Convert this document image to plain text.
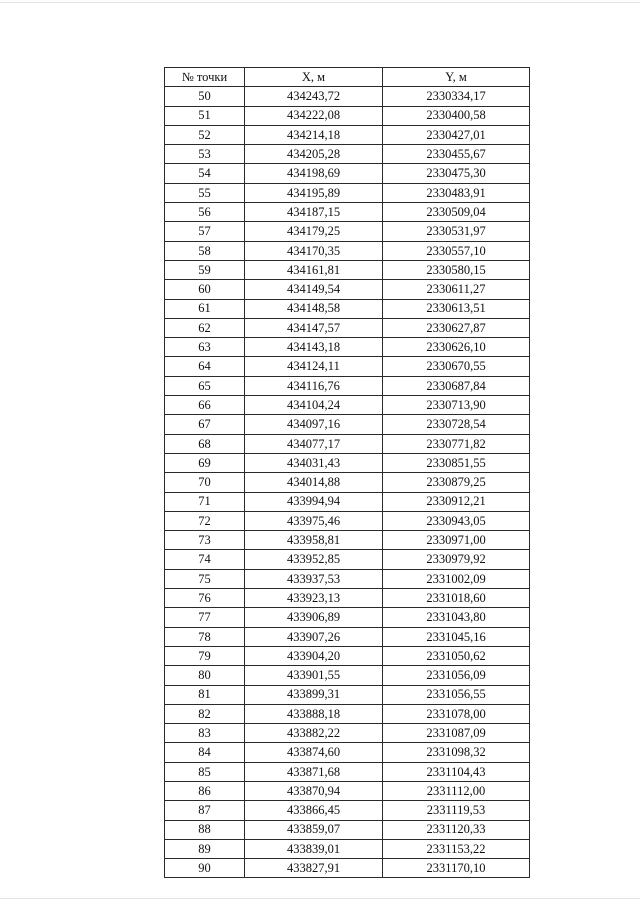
№ точки	X, м	Y, м
50	434243,72	2330334,17
51	434222,08	2330400,58
52	434214,18	2330427,01
53	434205,28	2330455,67
54	434198,69	2330475,30
55	434195,89	2330483,91
56	434187,15	2330509,04
57	434179,25	2330531,97
58	434170,35	2330557,10
59	434161,81	2330580,15
60	434149,54	2330611,27
61	434148,58	2330613,51
62	434147,57	2330627,87
63	434143,18	2330626,10
64	434124,11	2330670,55
65	434116,76	2330687,84
66	434104,24	2330713,90
67	434097,16	2330728,54
68	434077,17	2330771,82
69	434031,43	2330851,55
70	434014,88	2330879,25
71	433994,94	2330912,21
72	433975,46	2330943,05
73	433958,81	2330971,00
74	433952,85	2330979,92
75	433937,53	2331002,09
76	433923,13	2331018,60
77	433906,89	2331043,80
78	433907,26	2331045,16
79	433904,20	2331050,62
80	433901,55	2331056,09
81	433899,31	2331056,55
82	433888,18	2331078,00
83	433882,22	2331087,09
84	433874,60	2331098,32
85	433871,68	2331104,43
86	433870,94	2331112,00
87	433866,45	2331119,53
88	433859,07	2331120,33
89	433839,01	2331153,22
90	433827,91	2331170,10
